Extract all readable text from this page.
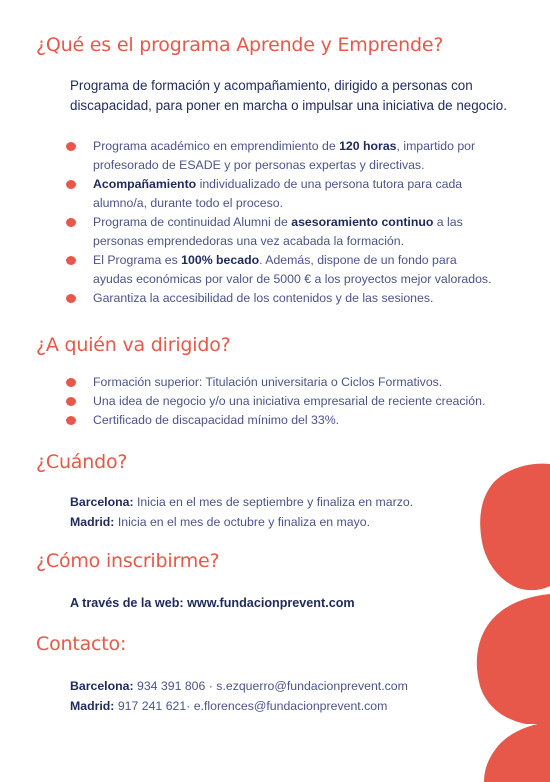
¿Qué es el programa Aprende y Emprende?

Programa de formación y acompañamiento, dirigido a personas con discapacidad, para poner en marcha o impulsar una iniciativa de negocio.

Programa académico en emprendimiento de 120 horas, impartido por profesorado de ESADE y por personas expertas y directivas.
Acompañamiento individualizado de una persona tutora para cada alumno/a, durante todo el proceso.
Programa de continuidad Alumni de asesoramiento continuo a las personas emprendedoras una vez acabada la formación.
El Programa es 100% becado. Además, dispone de un fondo para ayudas económicas por valor de 5000 € a los proyectos mejor valorados.
Garantiza la accesibilidad de los contenidos y de las sesiones.
¿A quién va dirigido?
Formación superior: Titulación universitaria o Ciclos Formativos.
Una idea de negocio y/o una iniciativa empresarial de reciente creación.
Certificado de discapacidad mínimo del 33%.
¿Cuándo?

Barcelona: Inicia en el mes de septiembre y finaliza en marzo.

Madrid: Inicia en el mes de octubre y finaliza en mayo.

¿Cómo inscribirme?

A través de la web: www.fundacionprevent.com

Contacto:

Barcelona: 934 391 806 · s.ezquerro@fundacionprevent.com

Madrid: 917 241 621· e.florences@fundacionprevent.com
